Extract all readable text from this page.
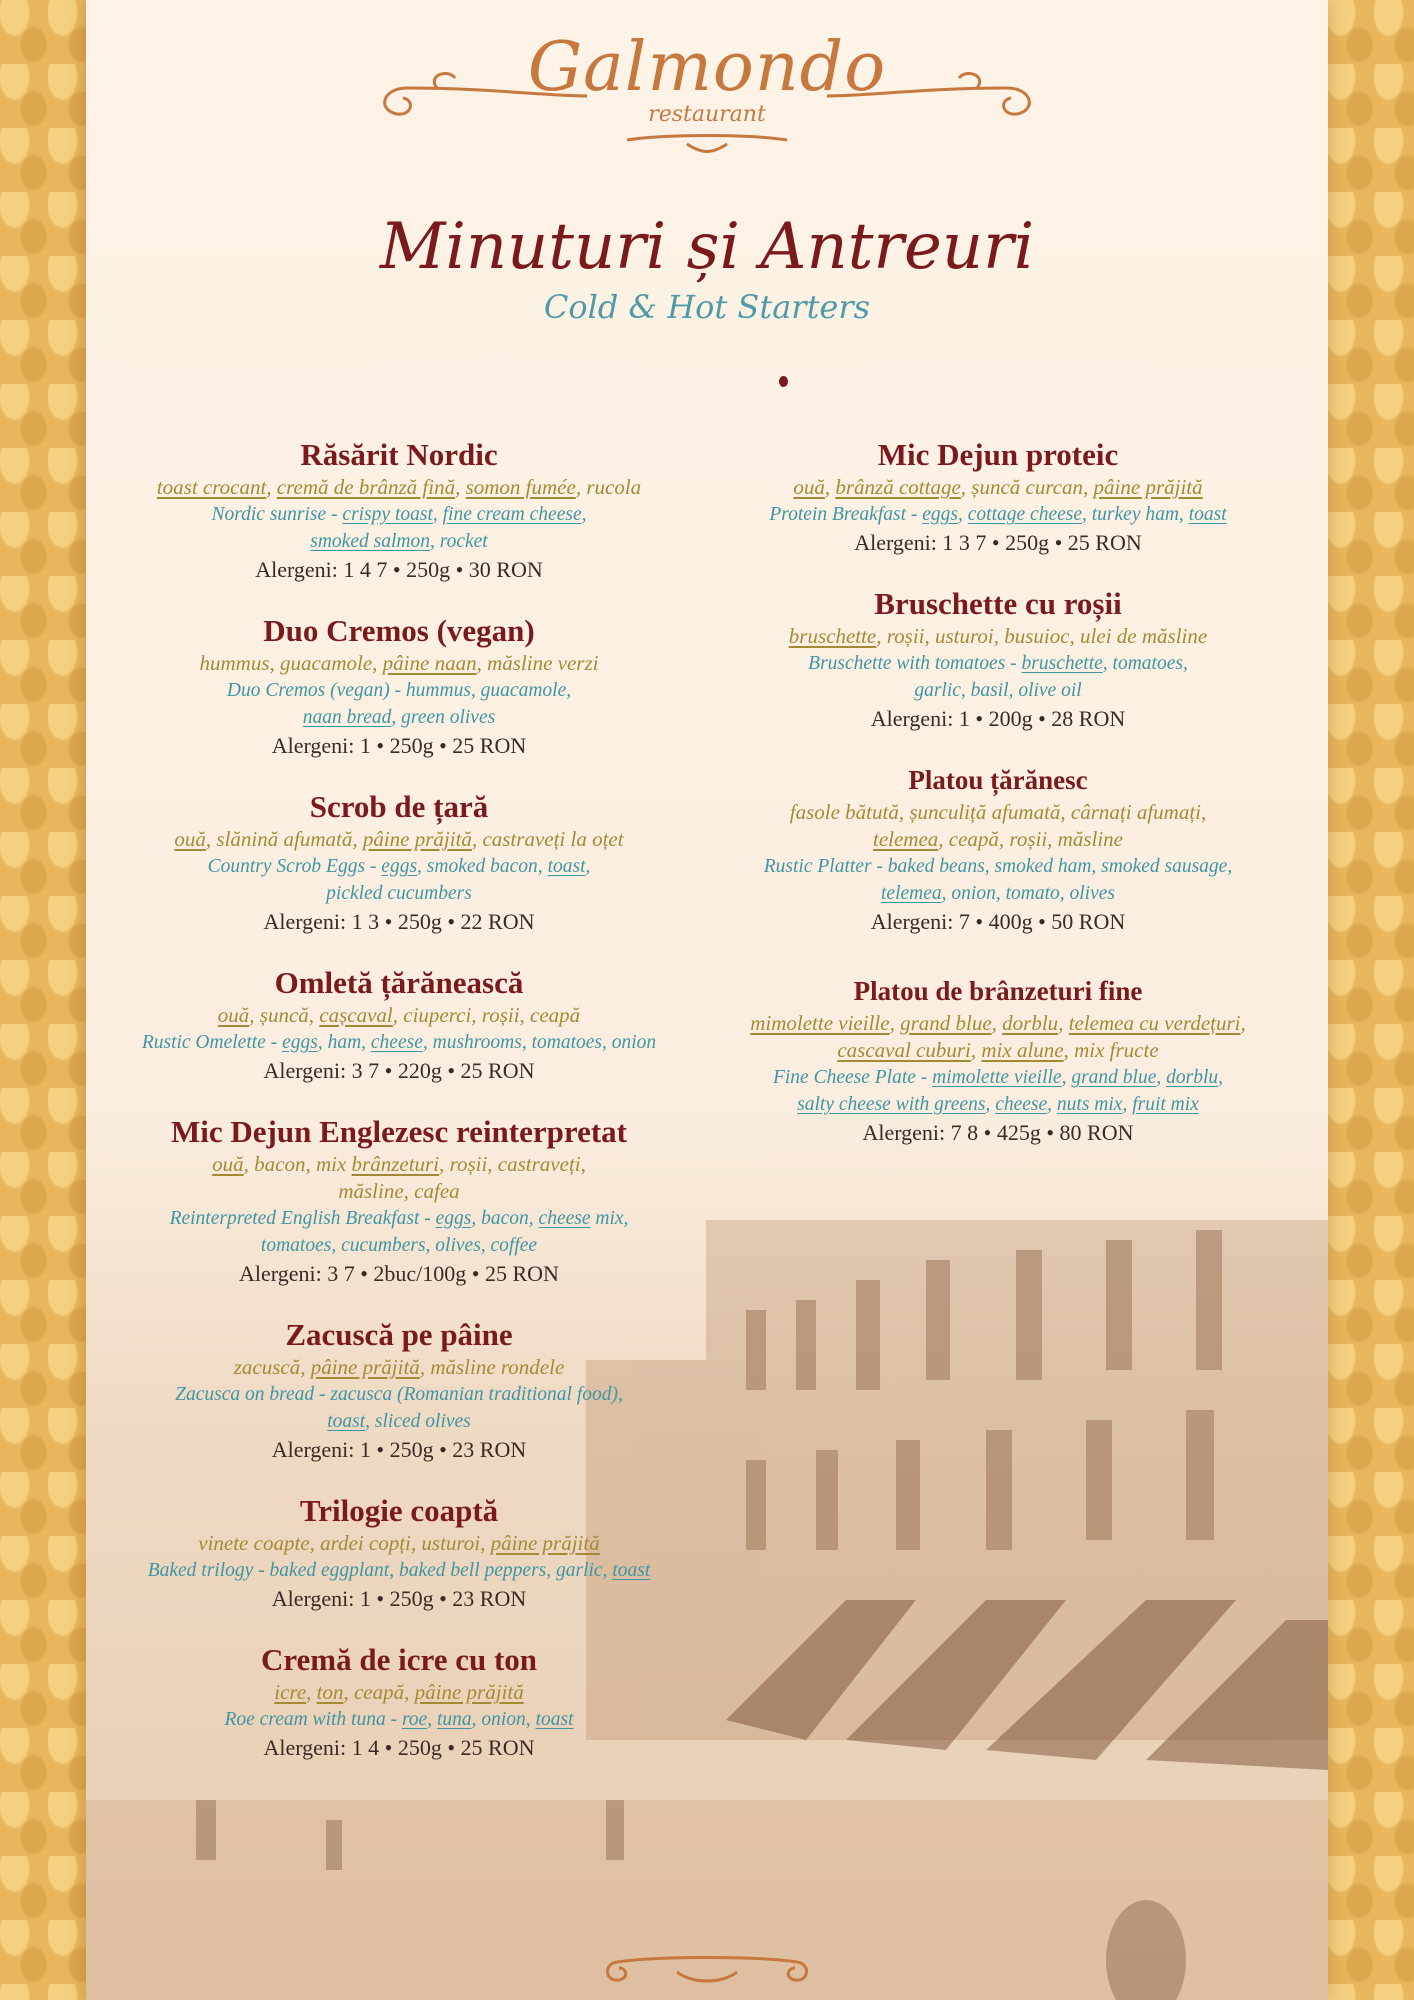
Galmondo
restaurant
Minuturi și Antreuri
Cold & Hot Starters
Răsărit Nordic
toast crocant, cremă de brânză fină, somon fumée, rucola
Nordic sunrise - crispy toast, fine cream cheese,
smoked salmon, rocket
Alergeni: 1 4 7 • 250g • 30 RON
Duo Cremos (vegan)
hummus, guacamole, pâine naan, măsline verzi
Duo Cremos (vegan) - hummus, guacamole,
naan bread, green olives
Alergeni: 1 • 250g • 25 RON
Scrob de țară
ouă, slănină afumată, pâine prăjită, castraveți la oțet
Country Scrob Eggs - eggs, smoked bacon, toast,
pickled cucumbers
Alergeni: 1 3 • 250g • 22 RON
Omletă țărănească
ouă, șuncă, cașcaval, ciuperci, roșii, ceapă
Rustic Omelette - eggs, ham, cheese, mushrooms, tomatoes, onion
Alergeni: 3 7 • 220g • 25 RON
Mic Dejun Englezesc reinterpretat
ouă, bacon, mix brânzeturi, roșii, castraveți,
măsline, cafea
Reinterpreted English Breakfast - eggs, bacon, cheese mix,
tomatoes, cucumbers, olives, coffee
Alergeni: 3 7 • 2buc/100g • 25 RON
Zacuscă pe pâine
zacuscă, pâine prăjită, măsline rondele
Zacusca on bread - zacusca (Romanian traditional food),
toast, sliced olives
Alergeni: 1 • 250g • 23 RON
Trilogie coaptă
vinete coapte, ardei copți, usturoi, pâine prăjită
Baked trilogy - baked eggplant, baked bell peppers, garlic, toast
Alergeni: 1 • 250g • 23 RON
Cremă de icre cu ton
icre, ton, ceapă, pâine prăjită
Roe cream with tuna - roe, tuna, onion, toast
Alergeni: 1 4 • 250g • 25 RON
Mic Dejun proteic
ouă, brânză cottage, șuncă curcan, pâine prăjită
Protein Breakfast - eggs, cottage cheese, turkey ham, toast
Alergeni: 1 3 7 • 250g • 25 RON
Bruschette cu roșii
bruschette, roșii, usturoi, busuioc, ulei de măsline
Bruschette with tomatoes - bruschette, tomatoes,
garlic, basil, olive oil
Alergeni: 1 • 200g • 28 RON
Platou țărănesc
fasole bătută, șunculiță afumată, cârnați afumați,
telemea, ceapă, roșii, măsline
Rustic Platter - baked beans, smoked ham, smoked sausage,
telemea, onion, tomato, olives
Alergeni: 7 • 400g • 50 RON
Platou de brânzeturi fine
mimolette vieille, grand blue, dorblu, telemea cu verdețuri,
cascaval cuburi, mix alune, mix fructe
Fine Cheese Plate - mimolette vieille, grand blue, dorblu,
salty cheese with greens, cheese, nuts mix, fruit mix
Alergeni: 7 8 • 425g • 80 RON
